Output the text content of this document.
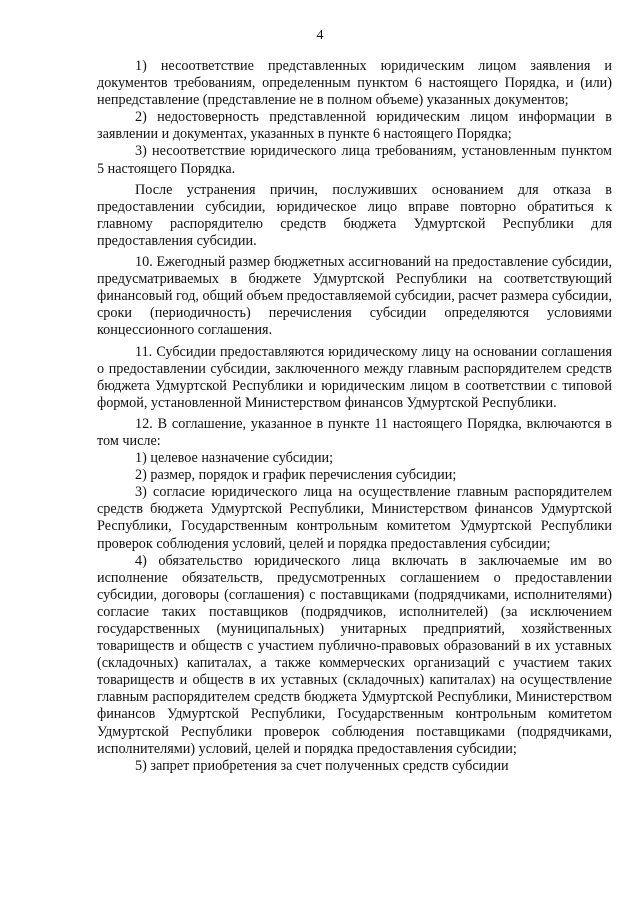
4

1) несоответствие представленных юридическим лицом заявления и документов требованиям, определенным пунктом 6 настоящего Порядка, и (или) непредставление (представление не в полном объеме) указанных документов;

2) недостоверность представленной юридическим лицом информации в заявлении и документах, указанных в пункте 6 настоящего Порядка;

3) несоответствие юридического лица требованиям, установленным пунктом 5 настоящего Порядка.

После устранения причин, послуживших основанием для отказа в предоставлении субсидии, юридическое лицо вправе повторно обратиться к главному распорядителю средств бюджета Удмуртской Республики для предоставления субсидии.

10. Ежегодный размер бюджетных ассигнований на предоставление субсидии, предусматриваемых в бюджете Удмуртской Республики на соответствующий финансовый год, общий объем предоставляемой субсидии, расчет размера субсидии, сроки (периодичность) перечисления субсидии определяются условиями концессионного соглашения.

11. Субсидии предоставляются юридическому лицу на основании соглашения о предоставлении субсидии, заключенного между главным распорядителем средств бюджета Удмуртской Республики и юридическим лицом в соответствии с типовой формой, установленной Министерством финансов Удмуртской Республики.

12. В соглашение, указанное в пункте 11 настоящего Порядка, включаются в том числе:

1) целевое назначение субсидии;

2) размер, порядок и график перечисления субсидии;

3) согласие юридического лица на осуществление главным распорядителем средств бюджета Удмуртской Республики, Министерством финансов Удмуртской Республики, Государственным контрольным комитетом Удмуртской Республики проверок соблюдения условий, целей и порядка предоставления субсидии;

4) обязательство юридического лица включать в заключаемые им во исполнение обязательств, предусмотренных соглашением о предоставлении субсидии, договоры (соглашения) с поставщиками (подрядчиками, исполнителями) согласие таких поставщиков (подрядчиков, исполнителей) (за исключением государственных (муниципальных) унитарных предприятий, хозяйственных товариществ и обществ с участием публично-правовых образований в их уставных (складочных) капиталах, а также коммерческих организаций с участием таких товариществ и обществ в их уставных (складочных) капиталах) на осуществление главным распорядителем средств бюджета Удмуртской Республики, Министерством финансов Удмуртской Республики, Государственным контрольным комитетом Удмуртской Республики проверок соблюдения поставщиками (подрядчиками, исполнителями) условий, целей и порядка предоставления субсидии;

5) запрет приобретения за счет полученных средств субсидии
